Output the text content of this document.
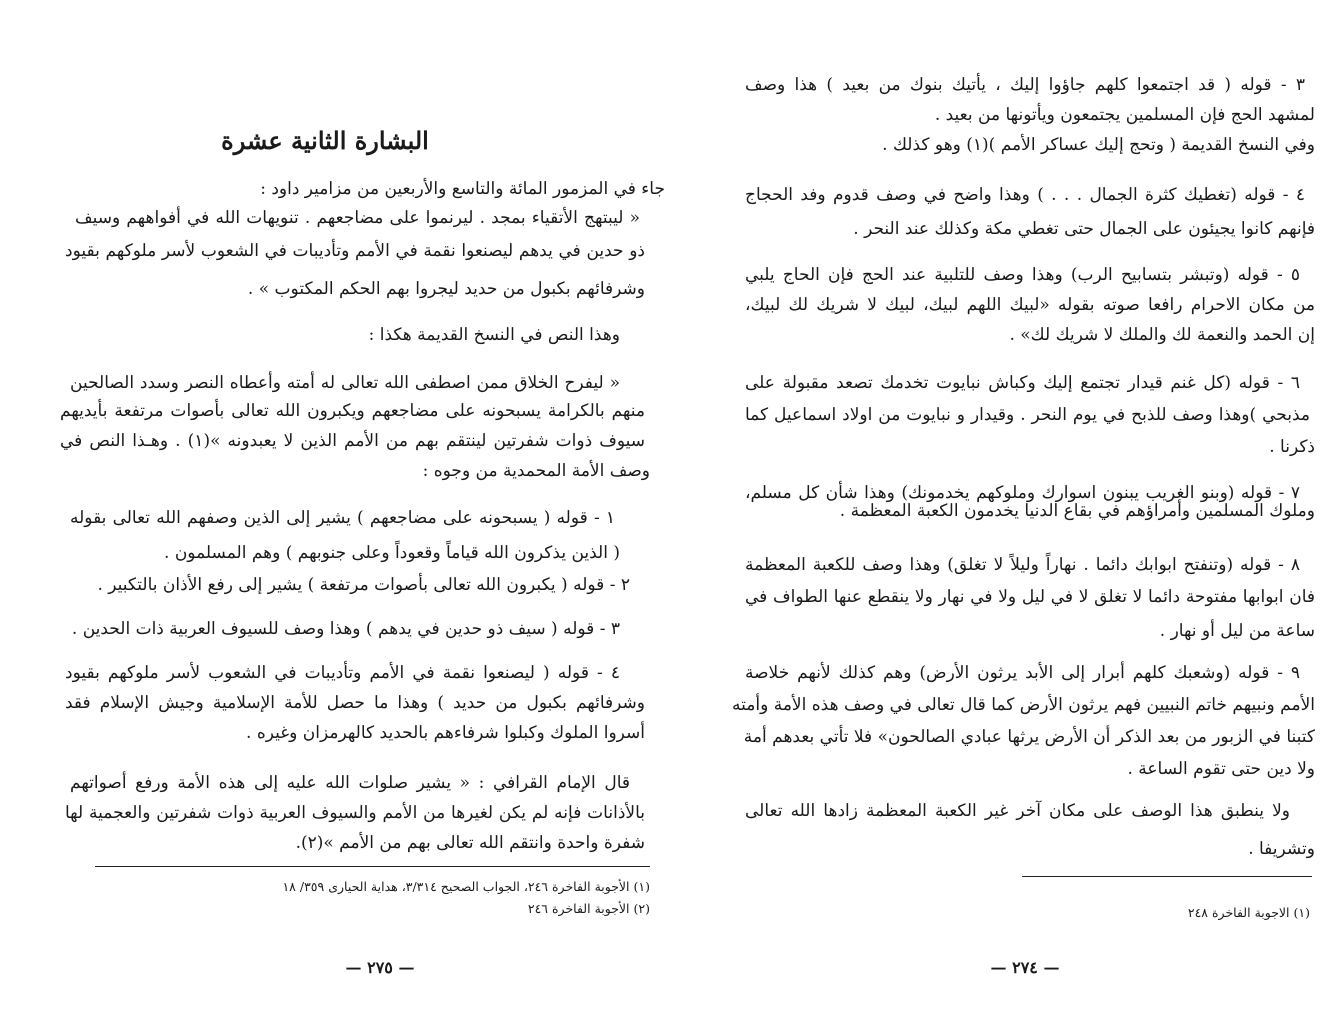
البشارة الثانية عشرة
جاء في المزمور المائة والتاسع والأربعين من مزامير داود :
« ليبتهج الأتقياء بمجد . ليرنموا على مضاجعهم . تنويهات الله في أفواههم وسيف
ذو حدين في يدهم ليصنعوا نقمة في الأمم وتأديبات في الشعوب لأسر ملوكهم بقيود
وشرفائهم بكبول من حديد ليجروا بهم الحكم المكتوب » .
وهذا النص في النسخ القديمة هكذا :
« ليفرح الخلاق ممن اصطفى الله تعالى له أمته وأعطاه النصر وسدد الصالحين
منهم بالكرامة يسبحونه على مضاجعهم ويكبرون الله تعالى بأصوات مرتفعة بأيديهم
سيوف ذوات شفرتين لينتقم بهم من الأمم الذين لا يعبدونه »(١) . وهـذا النص في
وصف الأمة المحمدية من وجوه :
١ - قوله ( يسبحونه على مضاجعهم ) يشير إلى الذين وصفهم الله تعالى بقوله
( الذين يذكرون الله قياماً وقعوداً وعلى جنوبهم ) وهم المسلمون .
٢ - قوله ( يكبرون الله تعالى بأصوات مرتفعة ) يشير إلى رفع الأذان بالتكبير .
٣ - قوله ( سيف ذو حدين في يدهم ) وهذا وصف للسيوف العربية ذات الحدين .
٤ - قوله ( ليصنعوا نقمة في الأمم وتأديبات في الشعوب لأسر ملوكهم بقيود
وشرفائهم بكبول من حديد ) وهذا ما حصل للأمة الإسلامية وجيش الإسلام فقد
أسروا الملوك وكبلوا شرفاءهم بالحديد كالهرمزان وغيره .
قال الإمام القرافي : « يشير صلوات الله عليه إلى هذه الأمة ورفع أصواتهم
بالأذانات فإنه لم يكن لغيرها من الأمم والسيوف العربية ذوات شفرتين والعجمية لها
شفرة واحدة وانتقم الله تعالى بهم من الأمم »(٢).
(١) الأجوبة الفاخرة ٢٤٦، الجواب الصحيح ٣/٣١٤، هداية الحيارى ٣٥٩/ ١٨
(٢) الأجوبة الفاخرة ٢٤٦
— ٢٧٥ —
٣ - قوله ( قد اجتمعوا كلهم جاؤوا إليك ، يأتيك بنوك من بعيد ) هذا وصف
لمشهد الحج فإن المسلمين يجتمعون ويأتونها من بعيد .
وفي النسخ القديمة ( وتحج إليك عساكر الأمم )(١) وهو كذلك .
٤ - قوله (تغطيك كثرة الجمال . . . ) وهذا واضح في وصف قدوم وفد الحجاج
فإنهم كانوا يجيئون على الجمال حتى تغطي مكة وكذلك عند النحر .
٥ - قوله (وتبشر بتسابيح الرب) وهذا وصف للتلبية عند الحج فإن الحاج يلبي
من مكان الاحرام رافعا صوته بقوله «لبيك اللهم لبيك، لبيك لا شريك لك لبيك،
إن الحمد والنعمة لك والملك لا شريك لك» .
٦ - قوله (كل غنم قيدار تجتمع إليك وكباش نبايوت تخدمك تصعد مقبولة على
مذبحي )وهذا وصف للذبح في يوم النحر . وقيدار و نبايوت من اولاد اسماعيل كما
ذكرنا .
٧ - قوله (وبنو الغريب يبنون اسوارك وملوكهم يخدمونك) وهذا شأن كل مسلم،
وملوك المسلمين وأمراؤهم في بقاع الدنيا يخدمون الكعبة المعظمة .
٨ - قوله (وتنفتح ابوابك دائما . نهاراً وليلاً لا تغلق) وهذا وصف للكعبة المعظمة
فان ابوابها مفتوحة دائما لا تغلق لا في ليل ولا في نهار ولا ينقطع عنها الطواف في
ساعة من ليل أو نهار .
٩ - قوله (وشعبك كلهم أبرار إلى الأبد يرثون الأرض) وهم كذلك لأنهم خلاصة
الأمم ونبيهم خاتم النبيين فهم يرثون الأرض كما قال تعالى في وصف هذه الأمة وأمته
كتبنا في الزبور من بعد الذكر أن الأرض يرثها عبادي الصالحون» فلا تأتي بعدهم أمة
ولا دين حتى تقوم الساعة .
ولا ينطبق هذا الوصف على مكان آخر غير الكعبة المعظمة زادها الله تعالى
وتشريفا .
(١) الاجوبة الفاخرة ٢٤٨
— ٢٧٤ —
